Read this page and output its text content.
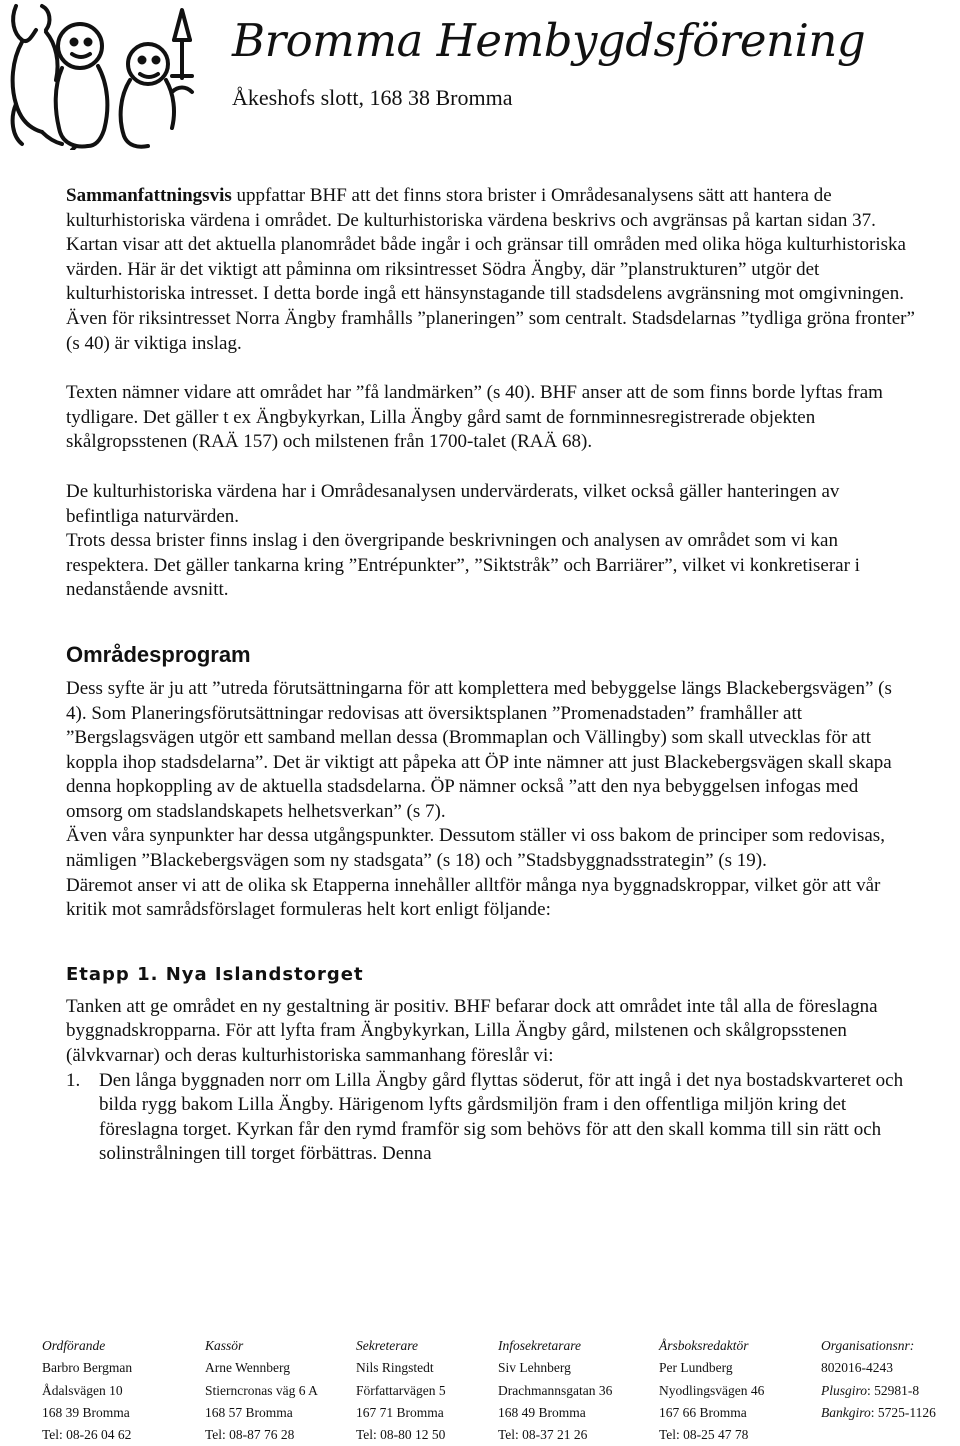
Bromma Hembygdsförening
Åkeshofs slott, 168 38 Bromma

Sammanfattningsvis uppfattar BHF att det finns stora brister i Områdesanalysens sätt att hantera de kulturhistoriska värdena i området. De kulturhistoriska värdena beskrivs och avgränsas på kartan sidan 37. Kartan visar att det aktuella planområdet både ingår i och gränsar till områden med olika höga kulturhistoriska värden. Här är det viktigt att påminna om riksintresset Södra Ängby, där ”planstrukturen” utgör det kulturhistoriska intresset. I detta borde ingå ett hänsynstagande till stadsdelens avgränsning mot omgivningen. Även för riksintresset Norra Ängby framhålls ”planeringen” som centralt. Stadsdelarnas ”tydliga gröna fronter” (s 40) är viktiga inslag.

Texten nämner vidare att området har ”få landmärken” (s 40). BHF anser att de som finns borde lyftas fram tydligare. Det gäller t ex Ängbykyrkan, Lilla Ängby gård samt de fornminnesregistrerade objekten skålgropsstenen (RAÄ 157) och milstenen från 1700-talet (RAÄ 68).

De kulturhistoriska värdena har i Områdesanalysen undervärderats, vilket också gäller hanteringen av befintliga naturvärden.

Trots dessa brister finns inslag i den övergripande beskrivningen och analysen av området som vi kan respektera. Det gäller tankarna kring ”Entrépunkter”, ”Siktstråk” och Barriärer”, vilket vi konkretiserar i nedanstående avsnitt.

Områdesprogram

Dess syfte är ju att ”utreda förutsättningarna för att komplettera med bebyggelse längs Blackebergsvägen” (s 4). Som Planeringsförutsättningar redovisas att översiktsplanen ”Promenadstaden” framhåller att ”Bergslagsvägen utgör ett samband mellan dessa (Brommaplan och Vällingby) som skall utvecklas för att koppla ihop stadsdelarna”. Det är viktigt att påpeka att ÖP inte nämner att just Blackebergsvägen skall skapa denna hopkoppling av de aktuella stadsdelarna. ÖP nämner också ”att den nya bebyggelsen infogas med omsorg om stadslandskapets helhetsverkan” (s 7).

Även våra synpunkter har dessa utgångspunkter. Dessutom ställer vi oss bakom de principer som redovisas, nämligen ”Blackebergsvägen som ny stadsgata” (s 18) och ”Stadsbyggnadsstrategin” (s 19).

Däremot anser vi att de olika sk Etapperna innehåller alltför många nya byggnadskroppar, vilket gör att vår kritik mot samrådsförslaget formuleras helt kort enligt följande:

Etapp 1. Nya Islandstorget

Tanken att ge området en ny gestaltning är positiv. BHF befarar dock att området inte tål alla de föreslagna byggnadskropparna. För att lyfta fram Ängbykyrkan, Lilla Ängby gård, milstenen och skålgropsstenen (älvkvarnar) och deras kulturhistoriska sammanhang föreslår vi:

1. Den långa byggnaden norr om Lilla Ängby gård flyttas söderut, för att ingå i det nya bostadskvarteret och bilda rygg bakom Lilla Ängby. Härigenom lyfts gårdsmiljön fram i den offentliga miljön kring det föreslagna torget. Kyrkan får den rymd framför sig som behövs för att den skall komma till sin rätt och solinstrålningen till torget förbättras. Denna

Ordförande
Barbro Bergman
Ådalsvägen 10
168 39 Bromma
Tel: 08-26 04 62
Kassör
Arne Wennberg
Stierncronas väg 6 A
168 57 Bromma
Tel: 08-87 76 28
Sekreterare
Nils Ringstedt
Författarvägen 5
167 71 Bromma
Tel: 08-80 12 50
Infosekretarare
Siv Lehnberg
Drachmannsgatan 36
168 49 Bromma
Tel: 08-37 21 26
Årsboksredaktör
Per Lundberg
Nyodlingsvägen 46
167 66 Bromma
Tel: 08-25 47 78
Organisationsnr:
802016-4243
Plusgiro: 52981-8
Bankgiro: 5725-1126
